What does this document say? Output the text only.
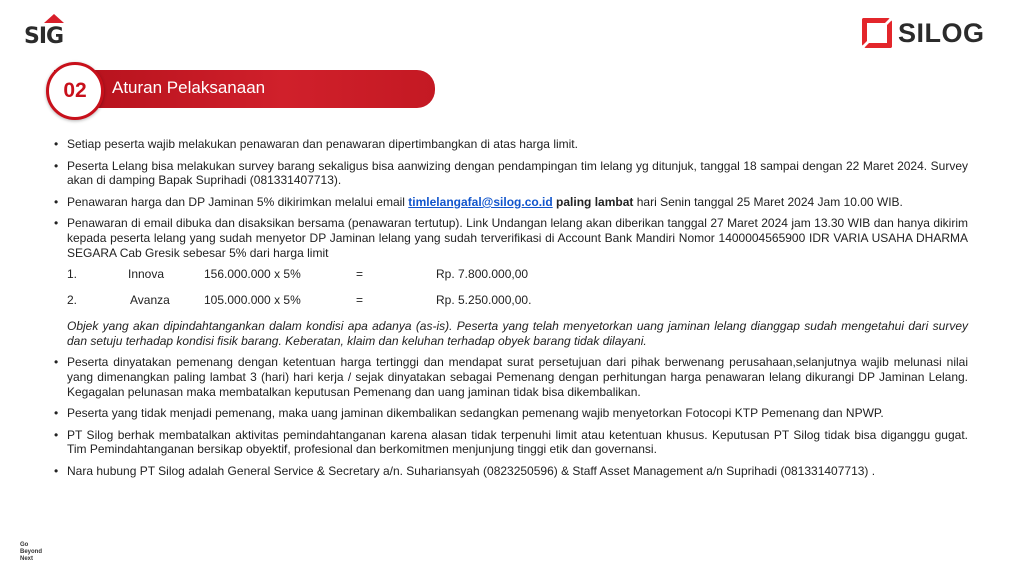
SIG	SILOG
02 Aturan Pelaksanaan
• Setiap peserta wajib melakukan penawaran dan penawaran dipertimbangkan di atas harga limit.
• Peserta Lelang bisa melakukan survey barang sekaligus bisa aanwizing dengan pendampingan tim lelang yg ditunjuk, tanggal 18 sampai dengan 22 Maret 2024. Survey akan di damping Bapak Suprihadi (081331407713).
• Penawaran harga dan DP Jaminan 5% dikirimkan melalui email timlelangafal@silog.co.id paling lambat hari Senin tanggal 25 Maret 2024 Jam 10.00 WIB.
• Penawaran di email dibuka dan disaksikan bersama (penawaran tertutup). Link Undangan lelang akan diberikan tanggal 27 Maret 2024 jam 13.30 WIB dan hanya dikirim kepada peserta lelang yang sudah menyetor DP Jaminan lelang yang sudah terverifikasi di Account Bank Mandiri Nomor 1400004565900 IDR VARIA USAHA DHARMA SEGARA Cab Gresik sebesar 5% dari harga limit
1.	Innova	156.000.000 x 5%	=	Rp. 7.800.000,00
2.	Avanza	105.000.000 x 5%	=	Rp. 5.250.000,00.
Objek yang akan dipindahtangankan dalam kondisi apa adanya (as-is). Peserta yang telah menyetorkan uang jaminan lelang dianggap sudah mengetahui dari survey dan setuju terhadap kondisi fisik barang. Keberatan, klaim dan keluhan terhadap obyek barang tidak dilayani.
• Peserta dinyatakan pemenang dengan ketentuan harga tertinggi dan mendapat surat persetujuan dari pihak berwenang perusahaan,selanjutnya wajib melunasi nilai yang dimenangkan paling lambat 3 (hari) hari kerja / sejak dinyatakan sebagai Pemenang dengan perhitungan harga penawaran lelang dikurangi DP Jaminan Lelang. Kegagalan pelunasan maka membatalkan keputusan Pemenang dan uang jaminan tidak bisa dikembalikan.
• Peserta yang tidak menjadi pemenang, maka uang jaminan dikembalikan sedangkan pemenang wajib menyetorkan Fotocopi KTP Pemenang dan NPWP.
• PT Silog berhak membatalkan aktivitas pemindahtanganan karena alasan tidak terpenuhi limit atau ketentuan khusus. Keputusan PT Silog tidak bisa diganggu gugat. Tim Pemindahtanganan bersikap obyektif, profesional dan berkomitmen menjunjung tinggi etik dan governansi.
• Nara hubung PT Silog adalah General Service & Secretary a/n. Suhariansyah (0823250596) & Staff Asset Management a/n Suprihadi (081331407713) .
Go
Beyond
Next
